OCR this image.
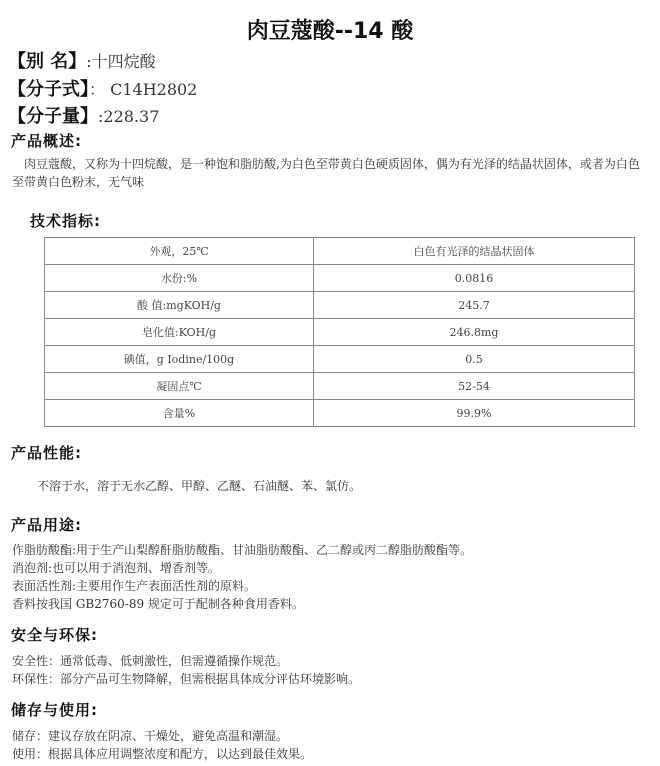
肉豆蔻酸--14 酸
【别 名】:十四烷酸
【分子式】： C14H2802
【分子量】:228.37
产品概述:
肉豆蔻酸，又称为十四烷酸，是一种饱和脂肪酸,为白色至带黄白色硬质固体，偶为有光泽的结晶状固体，或者为白色至带黄白色粉末，无气味
技术指标:
外观，25℃	白色有光泽的结晶状固体
水份:%	0.0816
酸 值:mgKOH/g	245.7
皂化值:KOH/g	246.8mg
碘值，g Iodine/100g	0.5
凝固点℃	52-54
含量%	99.9%
产品性能:
不溶于水，溶于无水乙醇、甲醇、乙醚、石油醚、苯、氯仿。
产品用途:
作脂肪酸酯:用于生产山梨醇酐脂肪酸酯、甘油脂肪酸酯、乙二醇或丙二醇脂肪酸酯等。
消泡剂:也可以用于消泡剂、增香剂等。
表面活性剂:主要用作生产表面活性剂的原料。
香料按我国 GB2760-89 规定可于配制各种食用香料。
安全与环保:
安全性：通常低毒、低刺激性，但需遵循操作规范。
环保性：部分产品可生物降解，但需根据具体成分评估环境影响。
储存与使用:
储存：建议存放在阴凉、干燥处，避免高温和潮湿。
使用：根据具体应用调整浓度和配方，以达到最佳效果。
